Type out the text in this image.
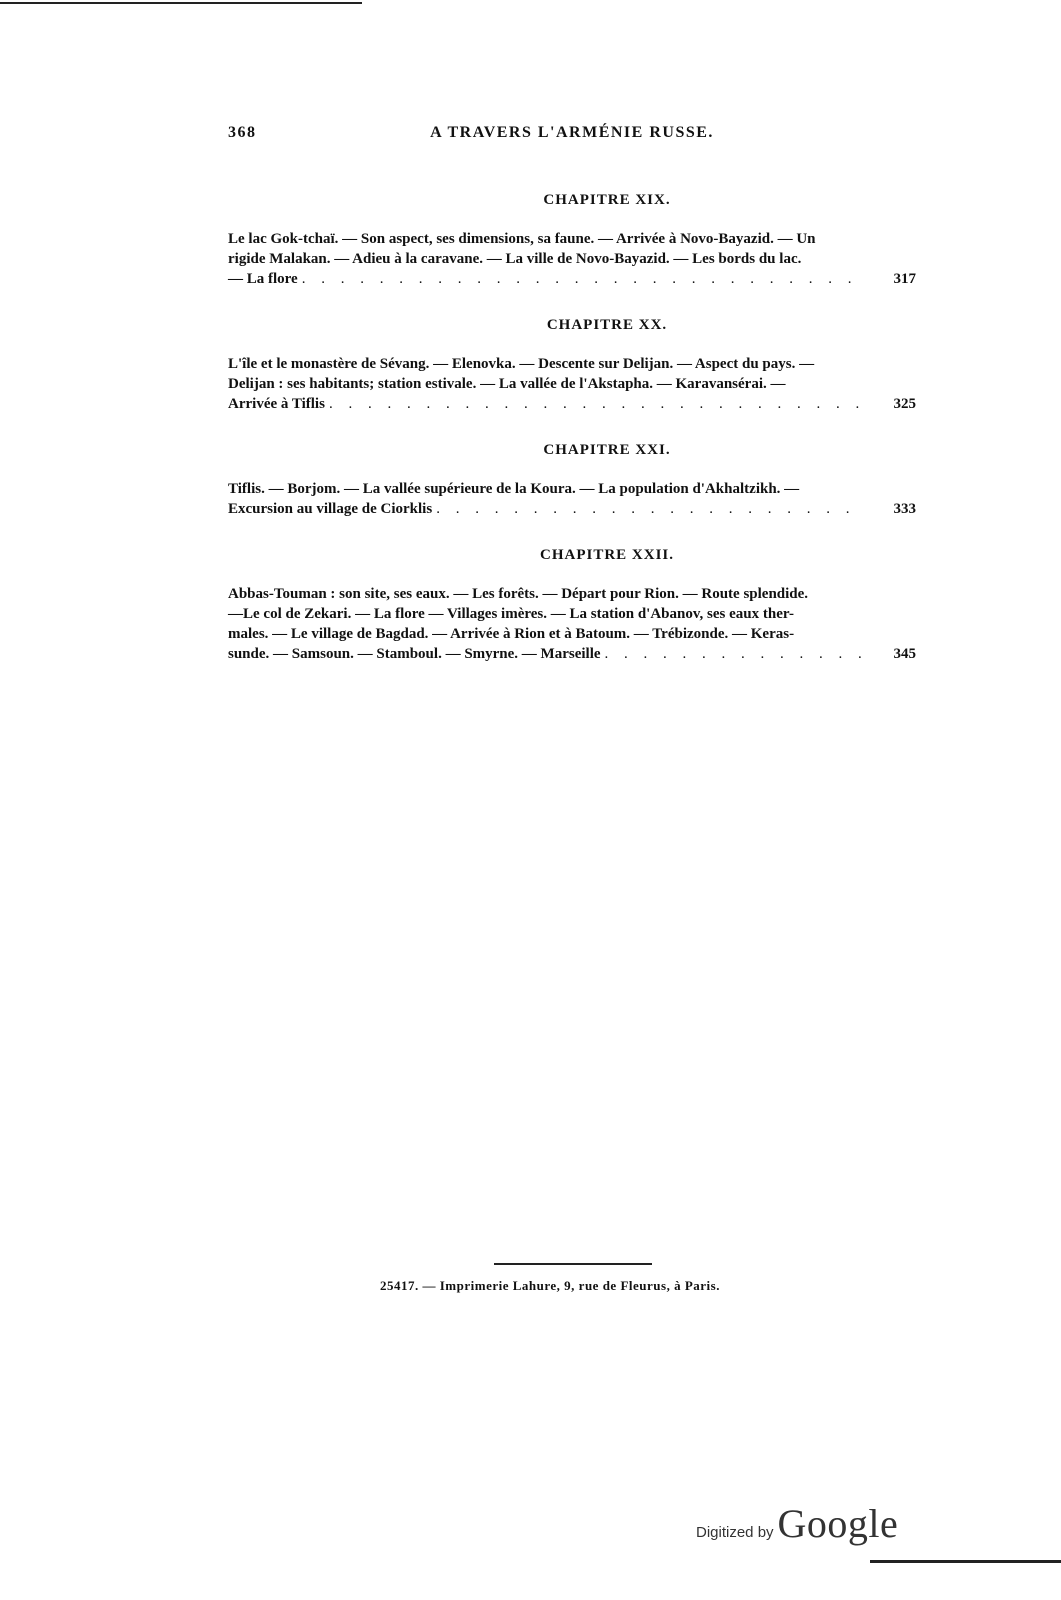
368	A TRAVERS L'ARMÉNIE RUSSE.
CHAPITRE XIX.
Le lac Gok-tchaï. — Son aspect, ses dimensions, sa faune. — Arrivée à Novo-Bayazid. — Un
rigide Malakan. — Adieu à la caravane. — La ville de Novo-Bayazid. — Les bords du lac.
— La flore . . .	317
CHAPITRE XX.
L'île et le monastère de Sévang. — Elenovka. — Descente sur Delijan. — Aspect du pays. —
Delijan : ses habitants; station estivale. — La vallée de l'Akstapha. — Karavansérai. —
Arrivée à Tiflis . . .	325
CHAPITRE XXI.
Tiflis. — Borjom. — La vallée supérieure de la Koura. — La population d'Akhaltzikh. —
Excursion au village de Ciorklis . . .	333
CHAPITRE XXII.
Abbas-Touman : son site, ses eaux. — Les forêts. — Départ pour Rion. — Route splendide.
—Le col de Zekari. — La flore — Villages imères. — La station d'Abanov, ses eaux ther-
males. — Le village de Bagdad. — Arrivée à Rion et à Batoum. — Trébizonde. — Keras-
sunde. — Samsoun. — Stamboul. — Smyrne. — Marseille . . .	345
25417. — Imprimerie Lahure, 9, rue de Fleurus, à Paris.
Digitized by Google
